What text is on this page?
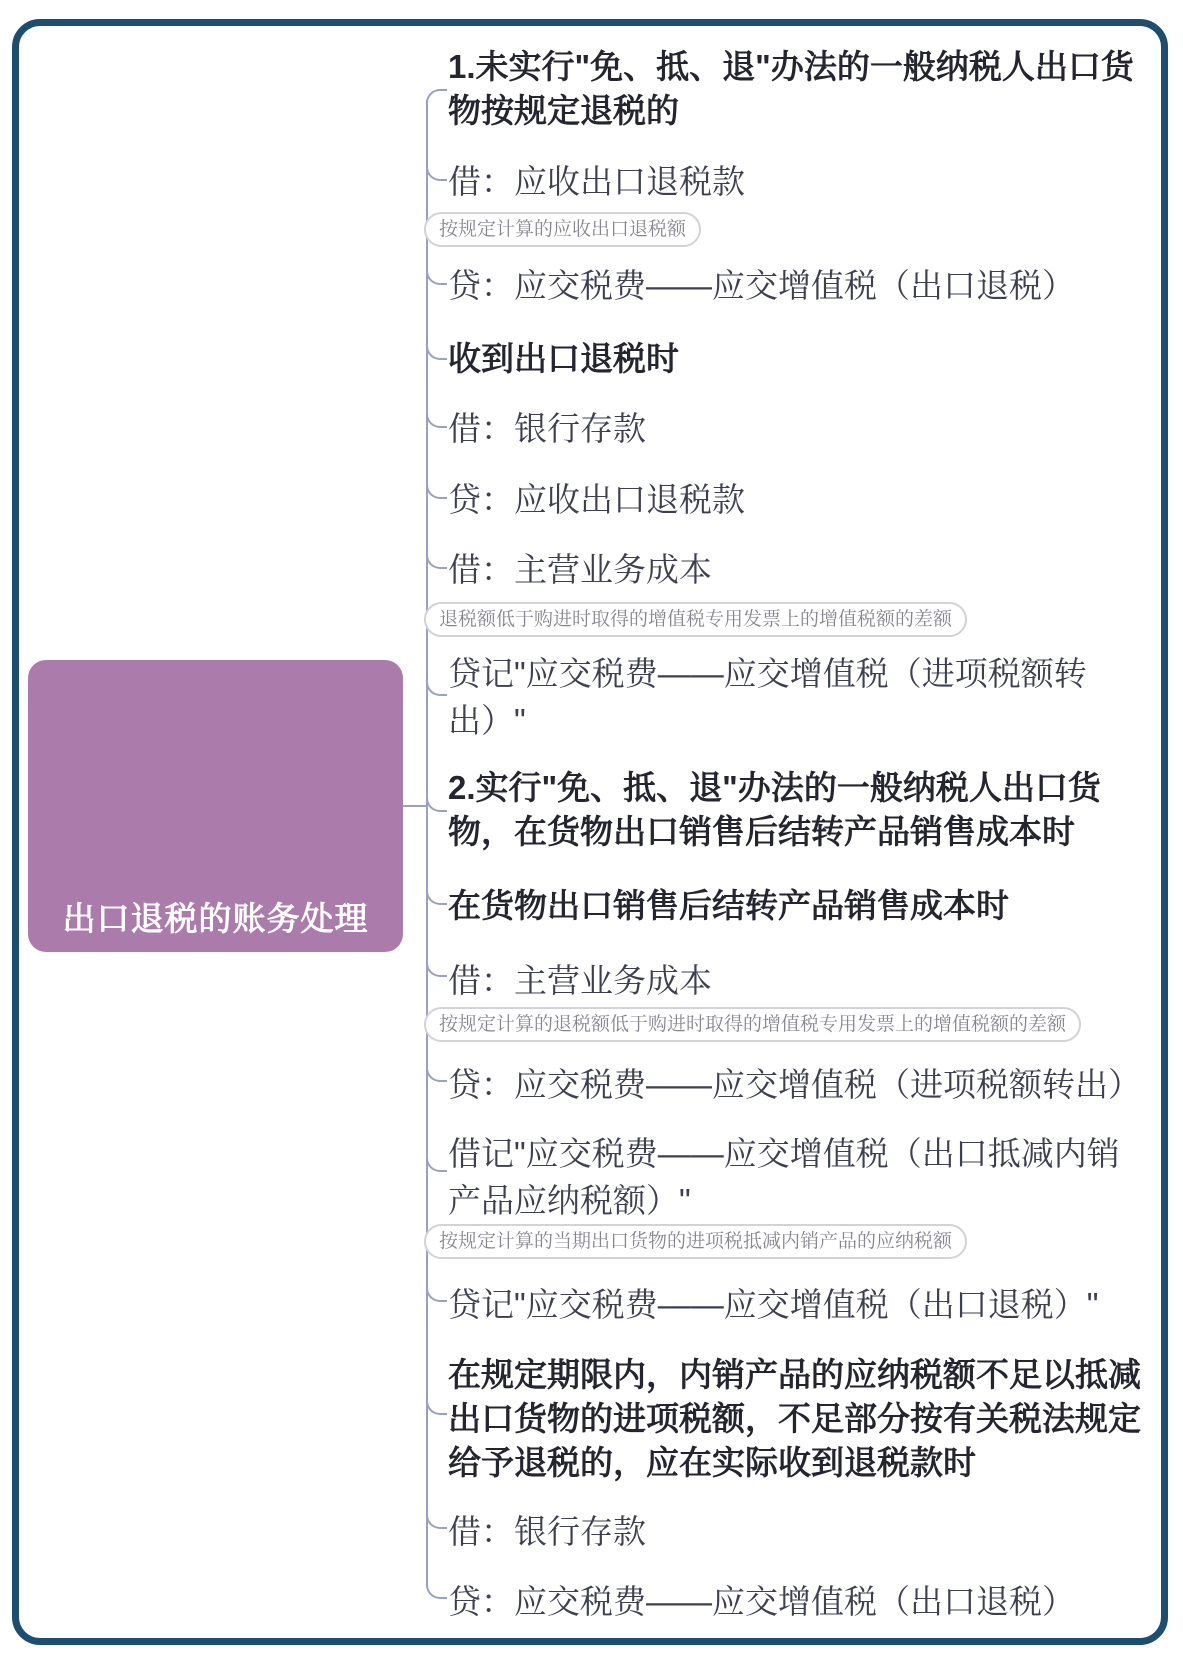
出口退税的账务处理
1.未实行"免、抵、退"办法的一般纳税人出口货
物按规定退税的
借：应收出口退税款
按规定计算的应收出口退税额
贷：应交税费——应交增值税（出口退税）
收到出口退税时
借：银行存款
贷：应收出口退税款
借：主营业务成本
退税额低于购进时取得的增值税专用发票上的增值税额的差额
贷记"应交税费——应交增值税（进项税额转
出）"
2.实行"免、抵、退"办法的一般纳税人出口货
物，在货物出口销售后结转产品销售成本时
在货物出口销售后结转产品销售成本时
借：主营业务成本
按规定计算的退税额低于购进时取得的增值税专用发票上的增值税额的差额
贷：应交税费——应交增值税（进项税额转出）
借记"应交税费——应交增值税（出口抵减内销
产品应纳税额）"
按规定计算的当期出口货物的进项税抵减内销产品的应纳税额
贷记"应交税费——应交增值税（出口退税）"
在规定期限内，内销产品的应纳税额不足以抵减
出口货物的进项税额，不足部分按有关税法规定
给予退税的，应在实际收到退税款时
借：银行存款
贷：应交税费——应交增值税（出口退税）
